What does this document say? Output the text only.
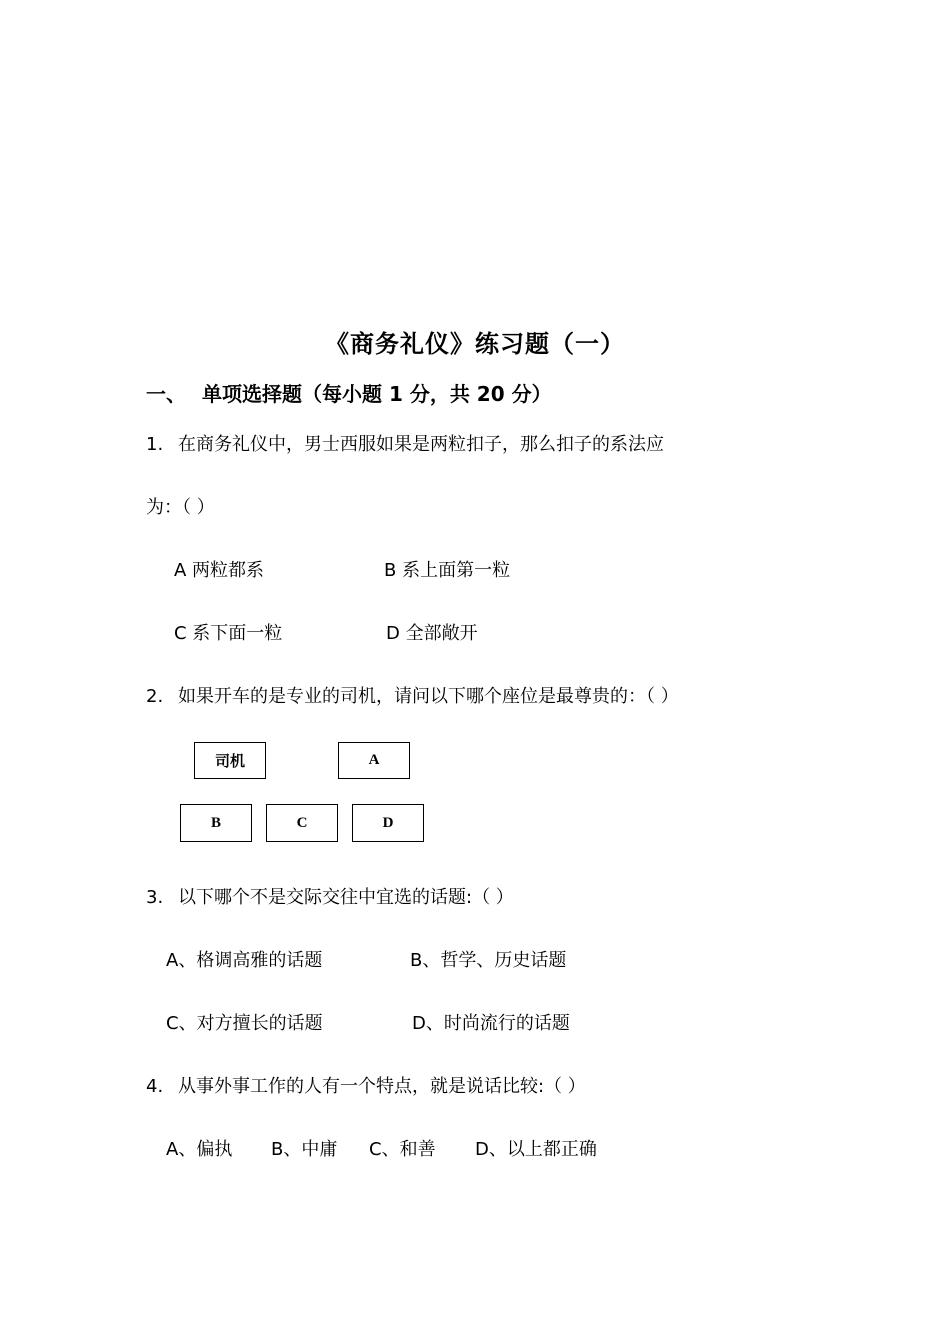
《商务礼仪》练习题（一）
一、 单项选择题（每小题 1 分，共 20 分）
1. 在商务礼仪中，男士西服如果是两粒扣子，那么扣子的系法应
为：（ ）
A 两粒都系	B 系上面第一粒
C 系下面一粒	D 全部敞开
2. 如果开车的是专业的司机，请问以下哪个座位是最尊贵的：（ ）
司机	A
B	C	D
3. 以下哪个不是交际交往中宜选的话题:（ ）
A、格调高雅的话题	B、哲学、历史话题
C、对方擅长的话题	D、时尚流行的话题
4. 从事外事工作的人有一个特点，就是说话比较:（ ）
A、偏执 B、中庸 C、和善 D、以上都正确
